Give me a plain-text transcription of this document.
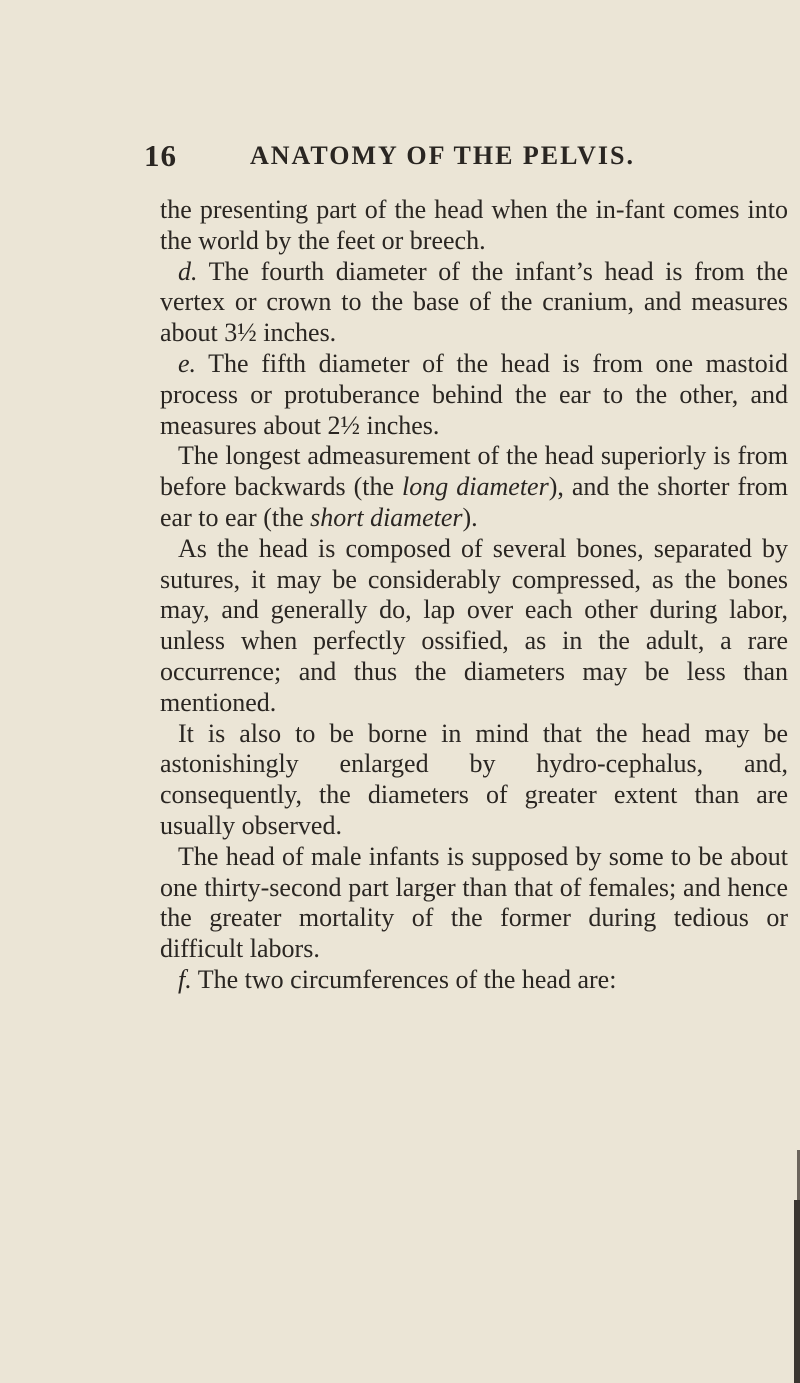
16	ANATOMY OF THE PELVIS.

the presenting part of the head when the in-fant comes into the world by the feet or breech.

d. The fourth diameter of the infant’s head is from the vertex or crown to the base of the cranium, and measures about 3½ inches.

e. The fifth diameter of the head is from one mastoid process or protuberance behind the ear to the other, and measures about 2½ inches.

The longest admeasurement of the head superiorly is from before backwards (the long diameter), and the shorter from ear to ear (the short diameter).

As the head is composed of several bones, separated by sutures, it may be considerably compressed, as the bones may, and generally do, lap over each other during labor, unless when perfectly ossified, as in the adult, a rare occurrence; and thus the diameters may be less than mentioned.

It is also to be borne in mind that the head may be astonishingly enlarged by hydro-cephalus, and, consequently, the diameters of greater extent than are usually observed.

The head of male infants is supposed by some to be about one thirty-second part larger than that of females; and hence the greater mortality of the former during tedious or difficult labors.

f. The two circumferences of the head are:
